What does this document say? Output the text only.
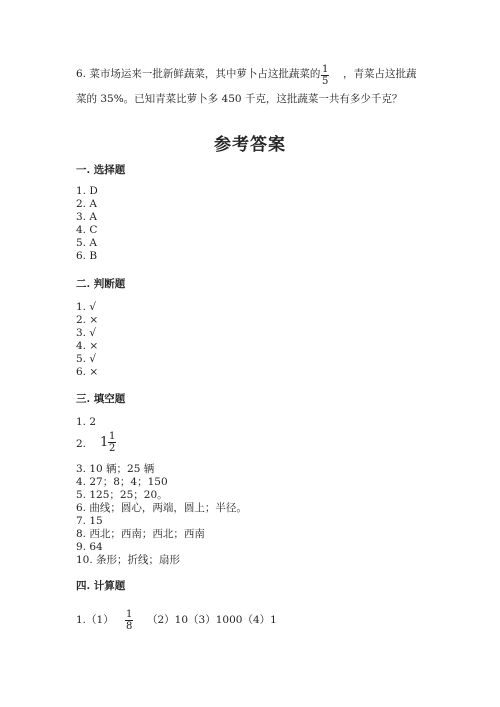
6. 菜市场运来一批新鲜蔬菜，其中萝卜占这批蔬菜的 $\frac{1}{5}$ ，青菜占这批蔬
菜的 35%。已知青菜比萝卜多 450 千克，这批蔬菜一共有多少千克？
参考答案
一. 选择题
1. D
2. A
3. A
4. C
5. A
6. B
二. 判断题
1. √
2. ×
3. √
4. ×
5. √
6. ×
三. 填空题
1. 2
2. $1 \frac{1}{2}$
3. 10 辆；25 辆
4. 27；8；4；150
5. 125；25；20。
6. 曲线；圆心，两端，圆上；半径。
7. 15
8. 西北；西南；西北；西南
9. 64
10. 条形；折线；扇形
四. 计算题
$1.(1) \frac{1}{8} (2)10(3)1000(4)1$
